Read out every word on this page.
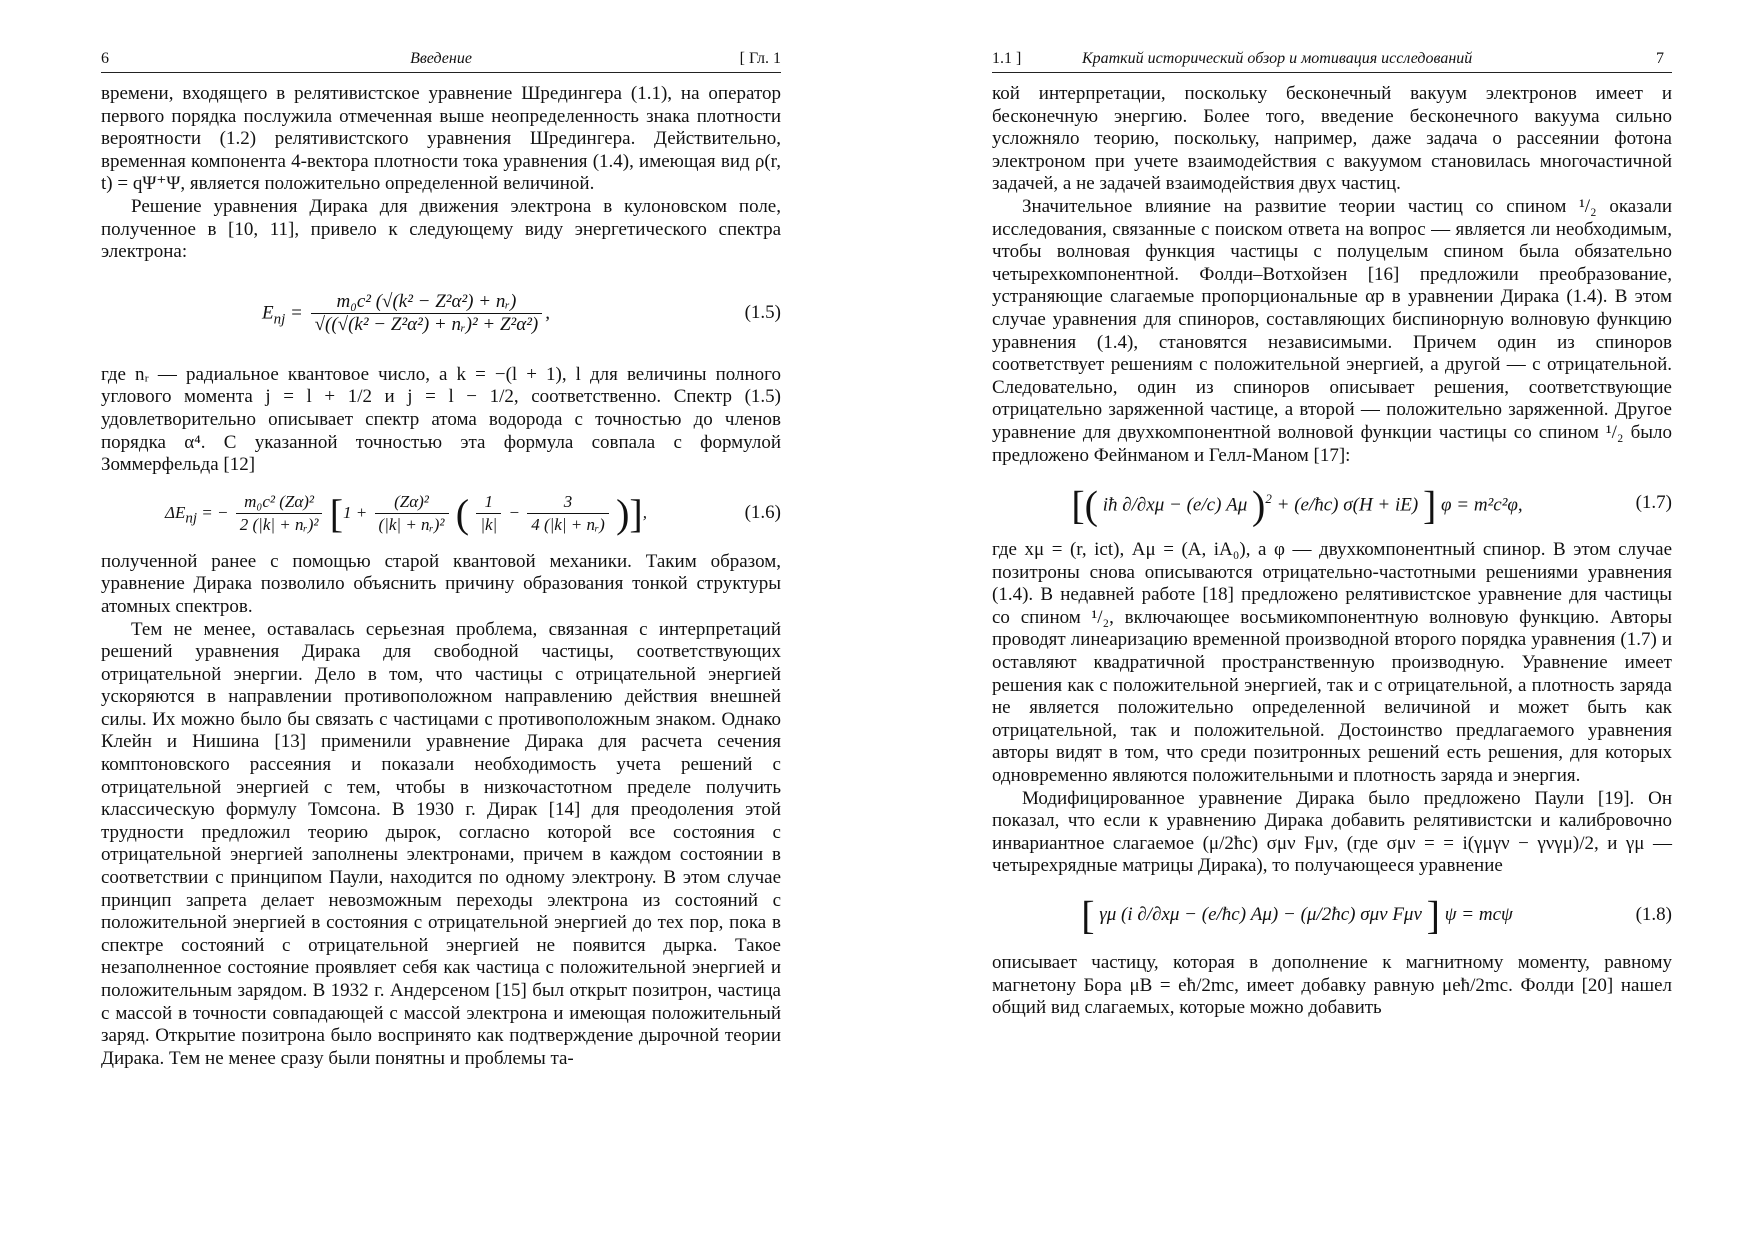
6	Введение	[ Гл. 1

времени, входящего в релятивистское уравнение Шредингера (1.1), на оператор первого порядка послужила отмеченная выше неопределенность знака плотности вероятности (1.2) релятивистского уравнения Шредингера. Действительно, временная компонента 4-вектора плотности тока уравнения (1.4), имеющая вид ρ(r, t) = qΨ⁺Ψ, является положительно определенной величиной.

Решение уравнения Дирака для движения электрона в кулоновском поле, полученное в [10, 11], привело к следующему виду энергетического спектра электрона:

$E_{nj} = \frac{\text{m₀c² (√(k² − Z²α²) + nᵣ)}}{\text{√((√(k² − Z²α²) + nᵣ)² + Z²α²)}}$ ,	(1.5)

где nᵣ — радиальное квантовое число, а k = −(l + 1), l для величины полного углового момента j = l + 1/2 и j = l − 1/2, соответственно. Спектр (1.5) удовлетворительно описывает спектр атома водорода с точностью до членов порядка α⁴. С указанной точностью эта формула совпала с формулой Зоммерфельда [12]

$\Delta E_{nj}$ = − $\frac{\text{m₀c² (Zα)²}}{\text{2 (|k| + nᵣ)²}} [1 + \frac{\text{(Zα)²}}{\text{(|k| + nᵣ)²}}$ ( $\frac{1}{|k|} - \frac{3}{\text{4 (|k| + nᵣ)}}$ )],	(1.6)

полученной ранее с помощью старой квантовой механики. Таким образом, уравнение Дирака позволило объяснить причину образования тонкой структуры атомных спектров.

Тем не менее, оставалась серьезная проблема, связанная с интерпретаций решений уравнения Дирака для свободной частицы, соответствующих отрицательной энергии. Дело в том, что частицы с отрицательной энергией ускоряются в направлении противоположном направлению действия внешней силы. Их можно было бы связать с частицами с противоположным знаком. Однако Клейн и Нишина [13] применили уравнение Дирака для расчета сечения комптоновского рассеяния и показали необходимость учета решений с отрицательной энергией с тем, чтобы в низкочастотном пределе получить классическую формулу Томсона. В 1930 г. Дирак [14] для преодоления этой трудности предложил теорию дырок, согласно которой все состояния с отрицательной энергией заполнены электронами, причем в каждом состоянии в соответствии с принципом Паули, находится по одному электрону. В этом случае принцип запрета делает невозможным переходы электрона из состояний с положительной энергией в состояния с отрицательной энергией до тех пор, пока в спектре состояний с отрицательной энергией не появится дырка. Такое незаполненное состояние проявляет себя как частица с положительной энергией и положительным зарядом. В 1932 г. Андерсеном [15] был открыт позитрон, частица с массой в точности совпадающей с массой электрона и имеющая положительный заряд. Открытие позитрона было воспринято как подтверждение дырочной теории Дирака. Тем не менее сразу были понятны и проблемы та-

1.1 ]	Краткий исторический обзор и мотивация исследований	7

кой интерпретации, поскольку бесконечный вакуум электронов имеет и бесконечную энергию. Более того, введение бесконечного вакуума сильно усложняло теорию, поскольку, например, даже задача о рассеянии фотона электроном при учете взаимодействия с вакуумом становилась многочастичной задачей, а не задачей взаимодействия двух частиц.

Значительное влияние на развитие теории частиц со спином ¹/₂ оказали исследования, связанные с поиском ответа на вопрос — является ли необходимым, чтобы волновая функция частицы с полуцелым спином была обязательно четырехкомпонентной. Фолди–Вотхойзен [16] предложили преобразование, устраняющие слагаемые пропорциональные αp в уравнении Дирака (1.4). В этом случае уравнения для спиноров, составляющих биспинорную волновую функцию уравнения (1.4), становятся независимыми. Причем один из спиноров соответствует решениям с положительной энергией, а другой — с отрицательной. Следовательно, один из спиноров описывает решения, соответствующие отрицательно заряженной частице, а второй — положительно заряженной. Другое уравнение для двухкомпонентной волновой функции частицы со спином ¹/₂ было предложено Фейнманом и Гелл-Маном [17]:

[( iħ ∂/∂xμ − (e/c) Aμ )$^2$ + (e/ħc) σ(H + iE) ] φ = m²c²φ,	(1.7)

где xμ = (r, ict), Aμ = (A, iA₀), а φ — двухкомпонентный спинор. В этом случае позитроны снова описываются отрицательно-частотными решениями уравнения (1.4). В недавней работе [18] предложено релятивистское уравнение для частицы со спином ¹/₂, включающее восьмикомпонентную волновую функцию. Авторы проводят линеаризацию временной производной второго порядка уравнения (1.7) и оставляют квадратичной пространственную производную. Уравнение имеет решения как с положительной энергией, так и с отрицательной, а плотность заряда не является положительно определенной величиной и может быть как отрицательной, так и положительной. Достоинство предлагаемого уравнения авторы видят в том, что среди позитронных решений есть решения, для которых одновременно являются положительными и плотность заряда и энергия.

Модифицированное уравнение Дирака было предложено Паули [19]. Он показал, что если к уравнению Дирака добавить релятивистски и калибровочно инвариантное слагаемое (μ/2ħc) σμν Fμν, (где σμν = = i(γμγν − γνγμ)/2, и γμ — четырехрядные матрицы Дирака), то получающееся уравнение

[ γμ (i ∂/∂xμ − (e/ħc) Aμ) − (μ/2ħc) σμν Fμν ] ψ = mcψ	(1.8)

описывает частицу, которая в дополнение к магнитному моменту, равному магнетону Бора μB = eħ/2mc, имеет добавку равную μeħ/2mc. Фолди [20] нашел общий вид слагаемых, которые можно добавить
